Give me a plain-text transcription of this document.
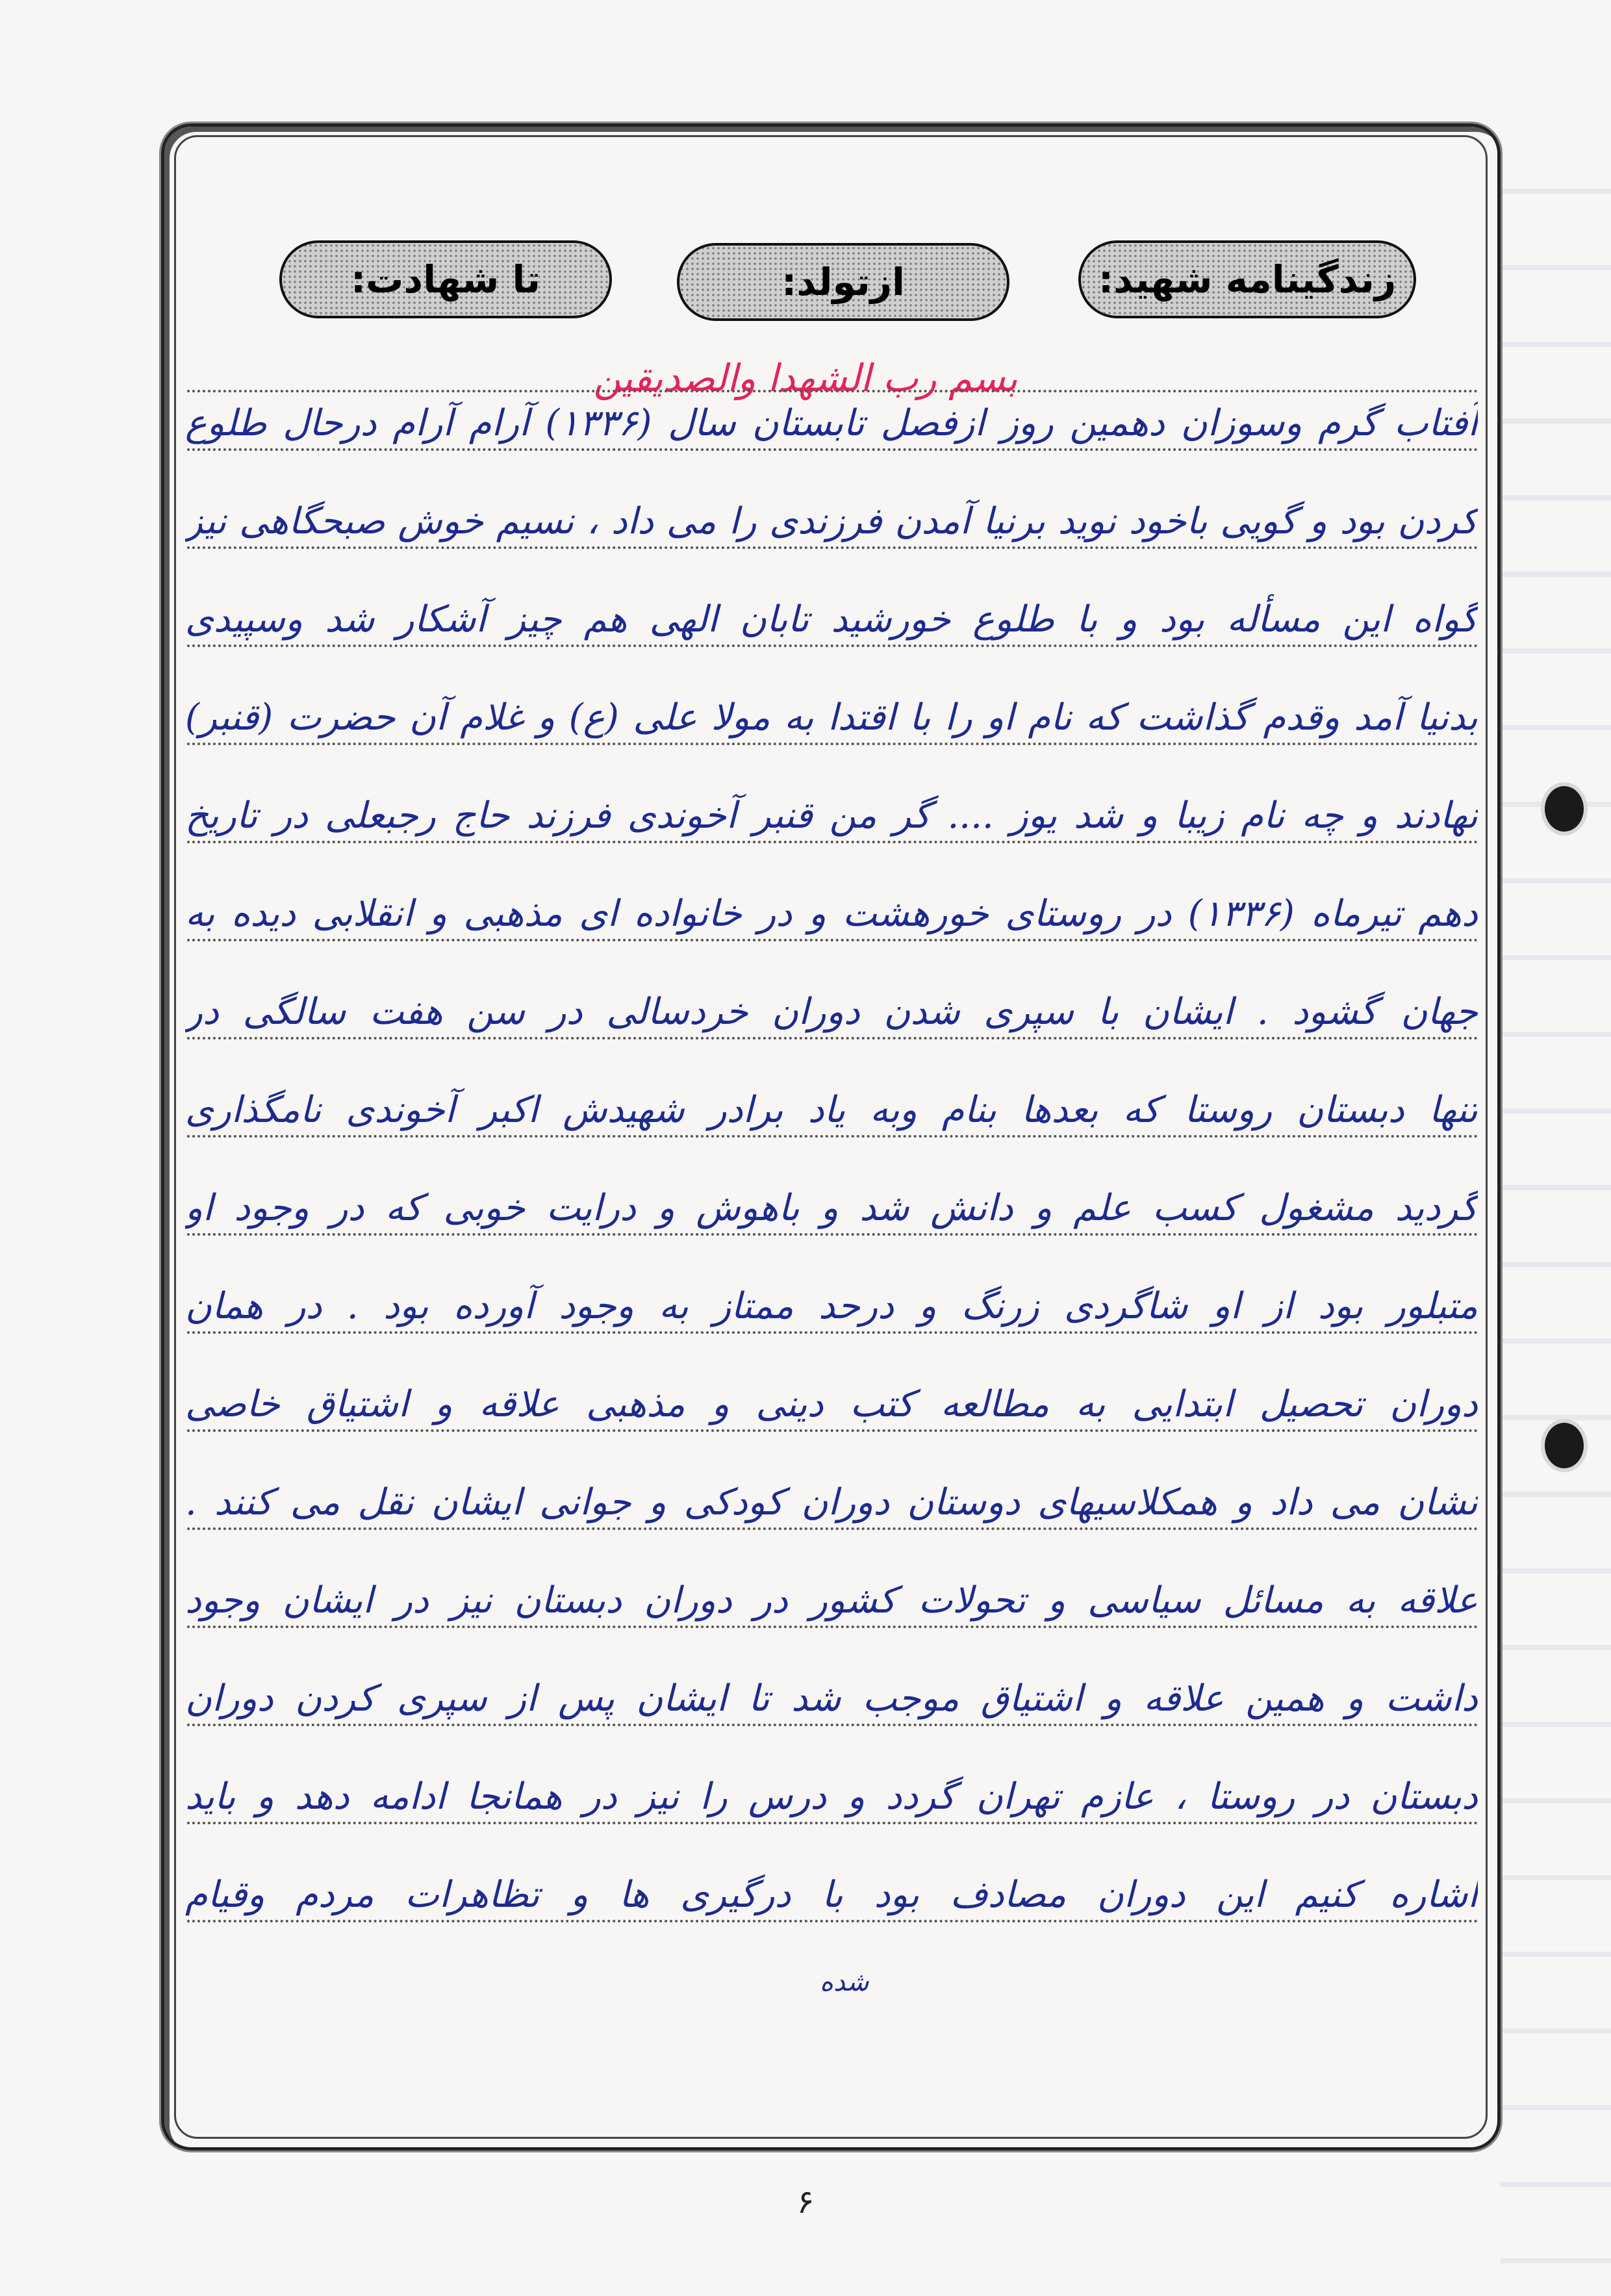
زندگینامه شهید:
ازتولد:
تا شهادت:
بسم رب الشهدا والصدیقین
آفتاب گرم وسوزان دهمین روز ازفصل تابستان سال (۱۳۳۶) آرام آرام درحال طلوع
کردن بود و گویی باخود نوید برنیا آمدن فرزندی را می داد ، نسیم خوش صبحگاهی نیز
گواه این مسأله بود و با طلوع خورشید تابان الهی هم چیز آشکار شد وسپیدی
بدنیا آمد وقدم گذاشت که نام او را با اقتدا به مولا علی (ع) و غلام آن حضرت (قنبر)
نهادند و چه نام زیبا و شد یوز .... گر من قنبر آخوندی فرزند حاج رجبعلی در تاریخ
دهم تیرماه (۱۳۳۶) در روستای خورهشت و در خانواده ای مذهبی و انقلابی دیده به
جهان گشود . ایشان با سپری شدن دوران خردسالی در سن هفت سالگی در
تنها دبستان روستا که بعدها بنام وبه یاد برادر شهیدش اکبر آخوندی نامگذاری
گردید مشغول کسب علم و دانش شد و باهوش و درایت خوبی که در وجود او
متبلور بود از او شاگردی زرنگ و درحد ممتاز به وجود آورده بود . در همان
دوران تحصیل ابتدایی به مطالعه کتب دینی و مذهبی علاقه و اشتیاق خاصی
نشان می داد و همکلاسیهای دوستان دوران کودکی و جوانی ایشان نقل می کنند .
علاقه به مسائل سیاسی و تحولات کشور در دوران دبستان نیز در ایشان وجود
داشت و همین علاقه و اشتیاق موجب شد تا ایشان پس از سپری کردن دوران
دبستان در روستا ، عازم تهران گردد و درس را نیز در همانجا ادامه دهد و باید
اشاره کنیم این دوران مصادف بود با درگیری ها و تظاهرات مردم وقیام
شده
۶
